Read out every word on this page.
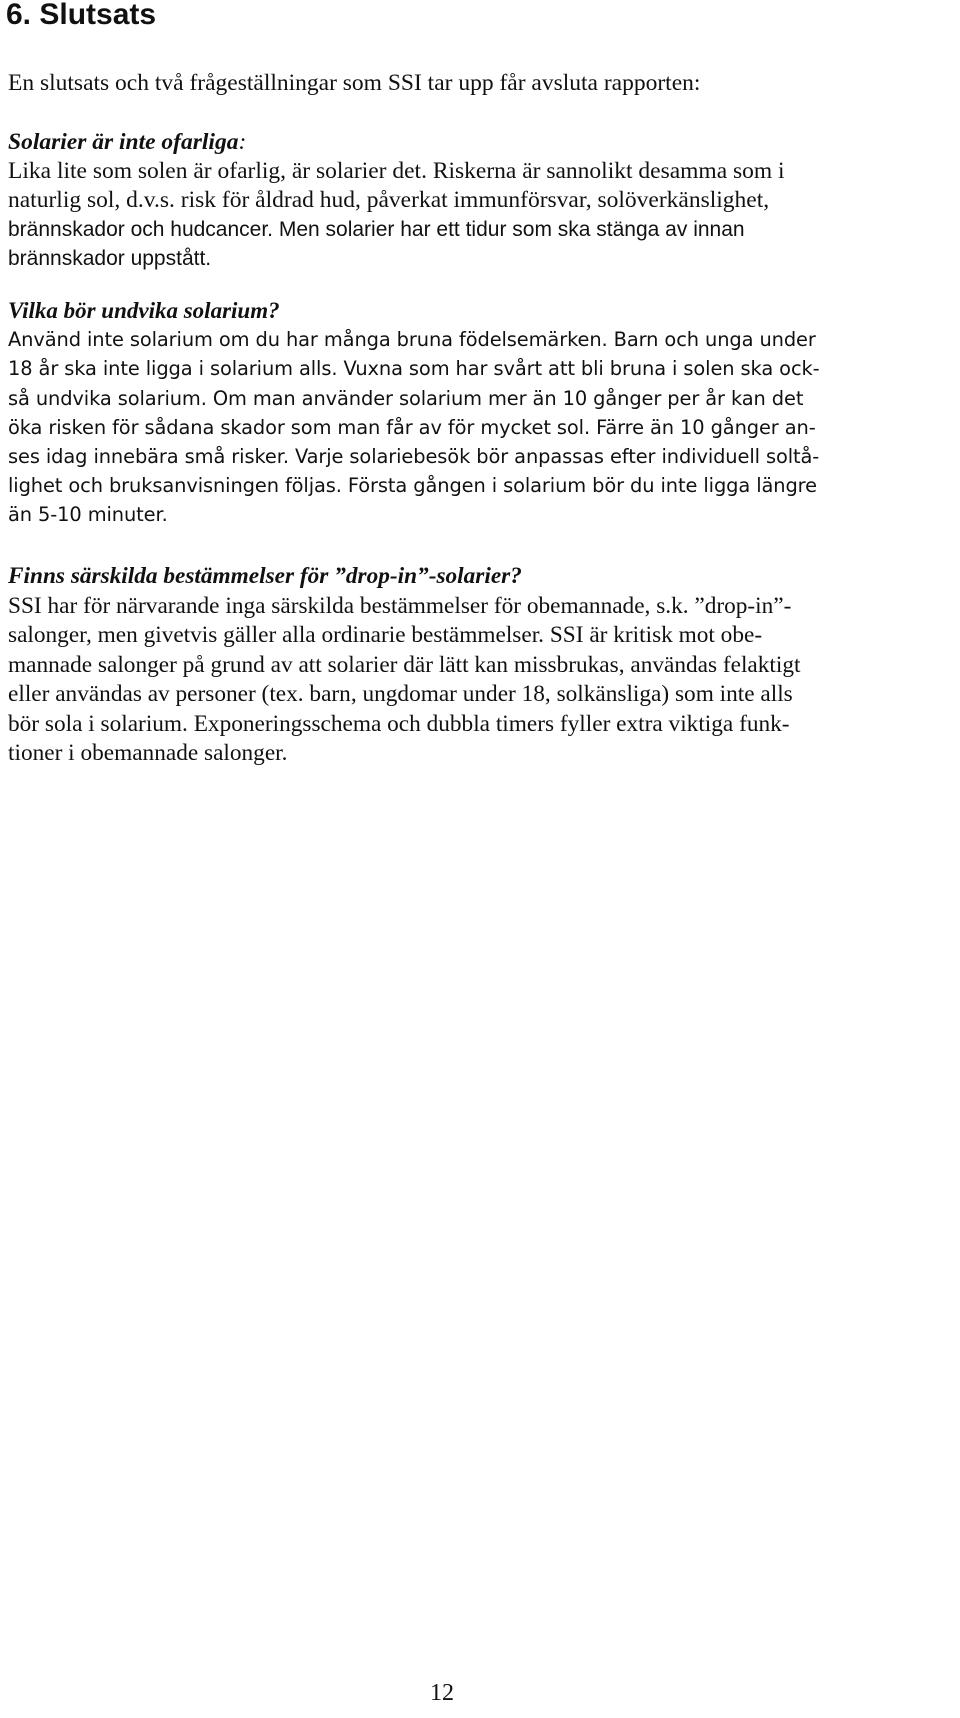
6. Slutsats

En slutsats och två frågeställningar som SSI tar upp får avsluta rapporten:

Solarier är inte ofarliga:
Lika lite som solen är ofarlig, är solarier det. Riskerna är sannolikt desamma som i
naturlig sol, d.v.s. risk för åldrad hud, påverkat immunförsvar, solöverkänslighet,
brännskador och hudcancer. Men solarier har ett tidur som ska stänga av innan
brännskador uppstått.
Vilka bör undvika solarium?
Använd inte solarium om du har många bruna födelsemärken. Barn och unga under
18 år ska inte ligga i solarium alls. Vuxna som har svårt att bli bruna i solen ska ock-
så undvika solarium. Om man använder solarium mer än 10 gånger per år kan det
öka risken för sådana skador som man får av för mycket sol. Färre än 10 gånger an-
ses idag innebära små risker. Varje solariebesök bör anpassas efter individuell soltå-
lighet och bruksanvisningen följas. Första gången i solarium bör du inte ligga längre
än 5-10 minuter.
Finns särskilda bestämmelser för ”drop-in”-solarier?
SSI har för närvarande inga särskilda bestämmelser för obemannade, s.k. ”drop-in”-
salonger, men givetvis gäller alla ordinarie bestämmelser. SSI är kritisk mot obe-
mannade salonger på grund av att solarier där lätt kan missbrukas, användas felaktigt
eller användas av personer (tex. barn, ungdomar under 18, solkänsliga) som inte alls
bör sola i solarium. Exponeringsschema och dubbla timers fyller extra viktiga funk-
tioner i obemannade salonger.

12
